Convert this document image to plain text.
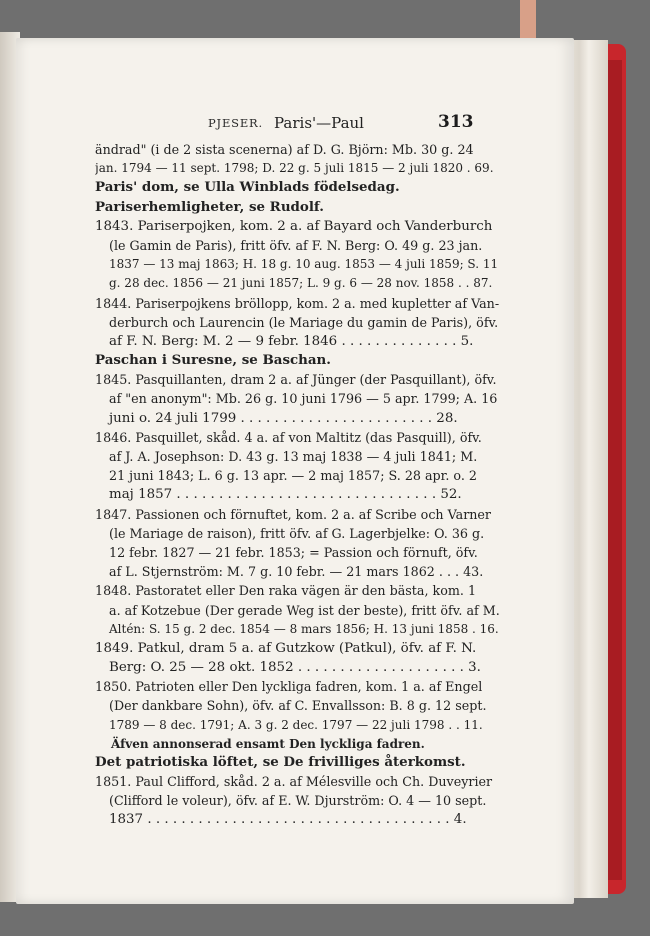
PJESER. Paris'—Paul	313
ändrad" (i de 2 sista scenerna) af D. G. Björn: Mb. 30 g. 24
jan. 1794 — 11 sept. 1798; D. 22 g. 5 juli 1815 — 2 juli 1820 . 69.
Paris' dom, se Ulla Winblads födelsedag.
Pariserhemligheter, se Rudolf.
1843. Pariserpojken, kom. 2 a. af Bayard och Vanderburch
(le Gamin de Paris), fritt öfv. af F. N. Berg: O. 49 g. 23 jan.
1837 — 13 maj 1863; H. 18 g. 10 aug. 1853 — 4 juli 1859; S. 11
g. 28 dec. 1856 — 21 juni 1857; L. 9 g. 6 — 28 nov. 1858 . . 87.
1844. Pariserpojkens bröllopp, kom. 2 a. med kupletter af Van-
derburch och Laurencin (le Mariage du gamin de Paris), öfv.
af F. N. Berg: M. 2 — 9 febr. 1846 . . . . . . . . . . . . . . 5.
Paschan i Suresne, se Baschan.
1845. Pasquillanten, dram 2 a. af Jünger (der Pasquillant), öfv.
af "en anonym": Mb. 26 g. 10 juni 1796 — 5 apr. 1799; A. 16
juni o. 24 juli 1799 . . . . . . . . . . . . . . . . . . . . . . . 28.
1846. Pasquillet, skåd. 4 a. af von Maltitz (das Pasquill), öfv.
af J. A. Josephson: D. 43 g. 13 maj 1838 — 4 juli 1841; M.
21 juni 1843; L. 6 g. 13 apr. — 2 maj 1857; S. 28 apr. o. 2
maj 1857 . . . . . . . . . . . . . . . . . . . . . . . . . . . . . . . 52.
1847. Passionen och förnuftet, kom. 2 a. af Scribe och Varner
(le Mariage de raison), fritt öfv. af G. Lagerbjelke: O. 36 g.
12 febr. 1827 — 21 febr. 1853; = Passion och förnuft, öfv.
af L. Stjernström: M. 7 g. 10 febr. — 21 mars 1862 . . . 43.
1848. Pastoratet eller Den raka vägen är den bästa, kom. 1
a. af Kotzebue (Der gerade Weg ist der beste), fritt öfv. af M.
Altén: S. 15 g. 2 dec. 1854 — 8 mars 1856; H. 13 juni 1858 . 16.
1849. Patkul, dram 5 a. af Gutzkow (Patkul), öfv. af F. N.
Berg: O. 25 — 28 okt. 1852 . . . . . . . . . . . . . . . . . . . . 3.
1850. Patrioten eller Den lyckliga fadren, kom. 1 a. af Engel
(Der dankbare Sohn), öfv. af C. Envallsson: B. 8 g. 12 sept.
1789 — 8 dec. 1791; A. 3 g. 2 dec. 1797 — 22 juli 1798 . . 11.
Äfven annonserad ensamt Den lyckliga fadren.
Det patriotiska löftet, se De frivilliges återkomst.
1851. Paul Clifford, skåd. 2 a. af Mélesville och Ch. Duveyrier
(Clifford le voleur), öfv. af E. W. Djurström: O. 4 — 10 sept.
1837 . . . . . . . . . . . . . . . . . . . . . . . . . . . . . . . . . . . . 4.
